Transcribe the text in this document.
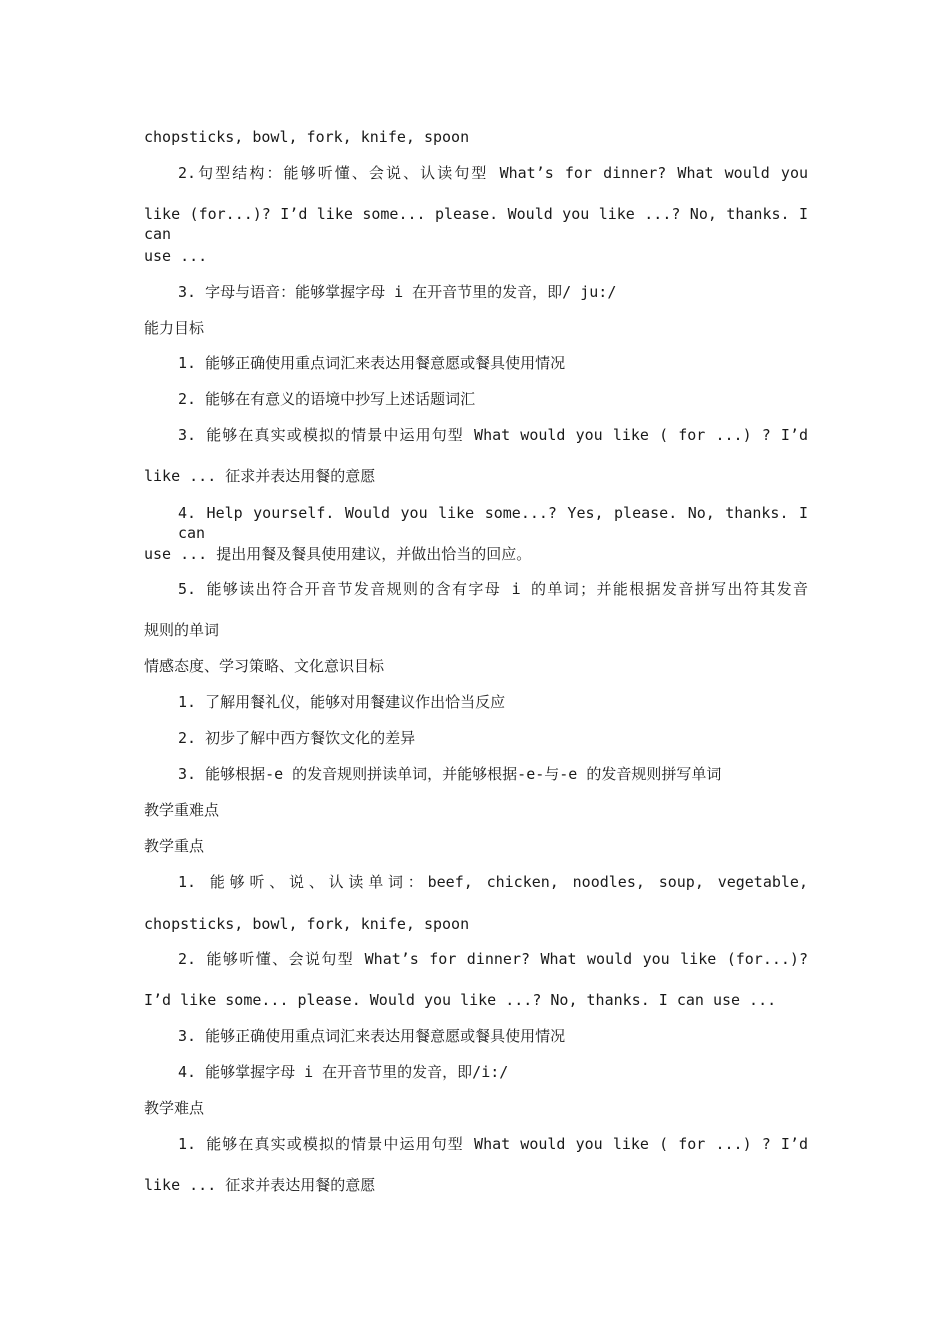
chopsticks, bowl, fork, knife, spoon
2.句型结构：能够听懂、会说、认读句型 What’s for dinner? What would you
like (for...)? I’d like some... please. Would you like ...? No, thanks. I can
use ...
3. 字母与语音：能够掌握字母 i 在开音节里的发音，即/ ju:/
能力目标
1. 能够正确使用重点词汇来表达用餐意愿或餐具使用情况
2. 能够在有意义的语境中抄写上述话题词汇
3. 能够在真实或模拟的情景中运用句型 What would you like ( for ...) ? I’d
like ... 征求并表达用餐的意愿
4. Help yourself. Would you like some...? Yes, please. No, thanks. I can
use ... 提出用餐及餐具使用建议，并做出恰当的回应。
5. 能够读出符合开音节发音规则的含有字母 i 的单词；并能根据发音拼写出符其发音
规则的单词
情感态度、学习策略、文化意识目标
1. 了解用餐礼仪，能够对用餐建议作出恰当反应
2. 初步了解中西方餐饮文化的差异
3. 能够根据-e 的发音规则拼读单词，并能够根据-e-与-e 的发音规则拼写单词
教学重难点
教学重点
1. 能够听、说、认读单词：beef, chicken, noodles, soup, vegetable,
chopsticks, bowl, fork, knife, spoon
2. 能够听懂、会说句型 What’s for dinner? What would you like (for...)?
I’d like some... please. Would you like ...? No, thanks. I can use ...
3. 能够正确使用重点词汇来表达用餐意愿或餐具使用情况
4. 能够掌握字母 i 在开音节里的发音，即/i:/
教学难点
1. 能够在真实或模拟的情景中运用句型 What would you like ( for ...) ? I’d
like ... 征求并表达用餐的意愿
